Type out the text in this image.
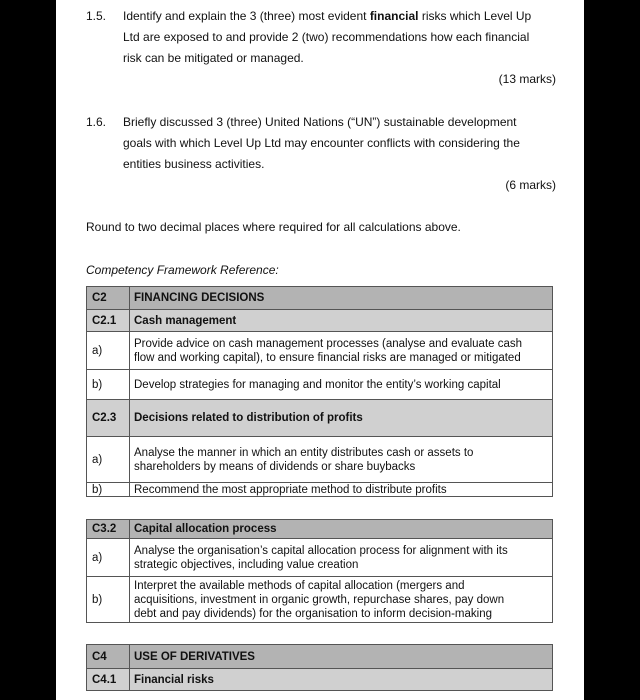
1.5. Identify and explain the 3 (three) most evident financial risks which Level Up
Ltd are exposed to and provide 2 (two) recommendations how each financial
risk can be mitigated or managed.
(13 marks)
1.6. Briefly discussed 3 (three) United Nations (“UN”) sustainable development
goals with which Level Up Ltd may encounter conflicts with considering the
entities business activities.
(6 marks)
Round to two decimal places where required for all calculations above.
Competency Framework Reference:
C2	FINANCING DECISIONS
C2.1	Cash management
a)	Provide advice on cash management processes (analyse and evaluate cash
flow and working capital), to ensure financial risks are managed or mitigated

b)	Develop strategies for managing and monitor the entity’s working capital
C2.3	Decisions related to distribution of profits
a)	Analyse the manner in which an entity distributes cash or assets to
shareholders by means of dividends or share buybacks

b)	Recommend the most appropriate method to distribute profits
C3.2	Capital allocation process
a)	Analyse the organisation’s capital allocation process for alignment with its
strategic objectives, including value creation

b)	Interpret the available methods of capital allocation (mergers and
acquisitions, investment in organic growth, repurchase shares, pay down
debt and pay dividends) for the organisation to inform decision-making
C4	USE OF DERIVATIVES
C4.1	Financial risks
